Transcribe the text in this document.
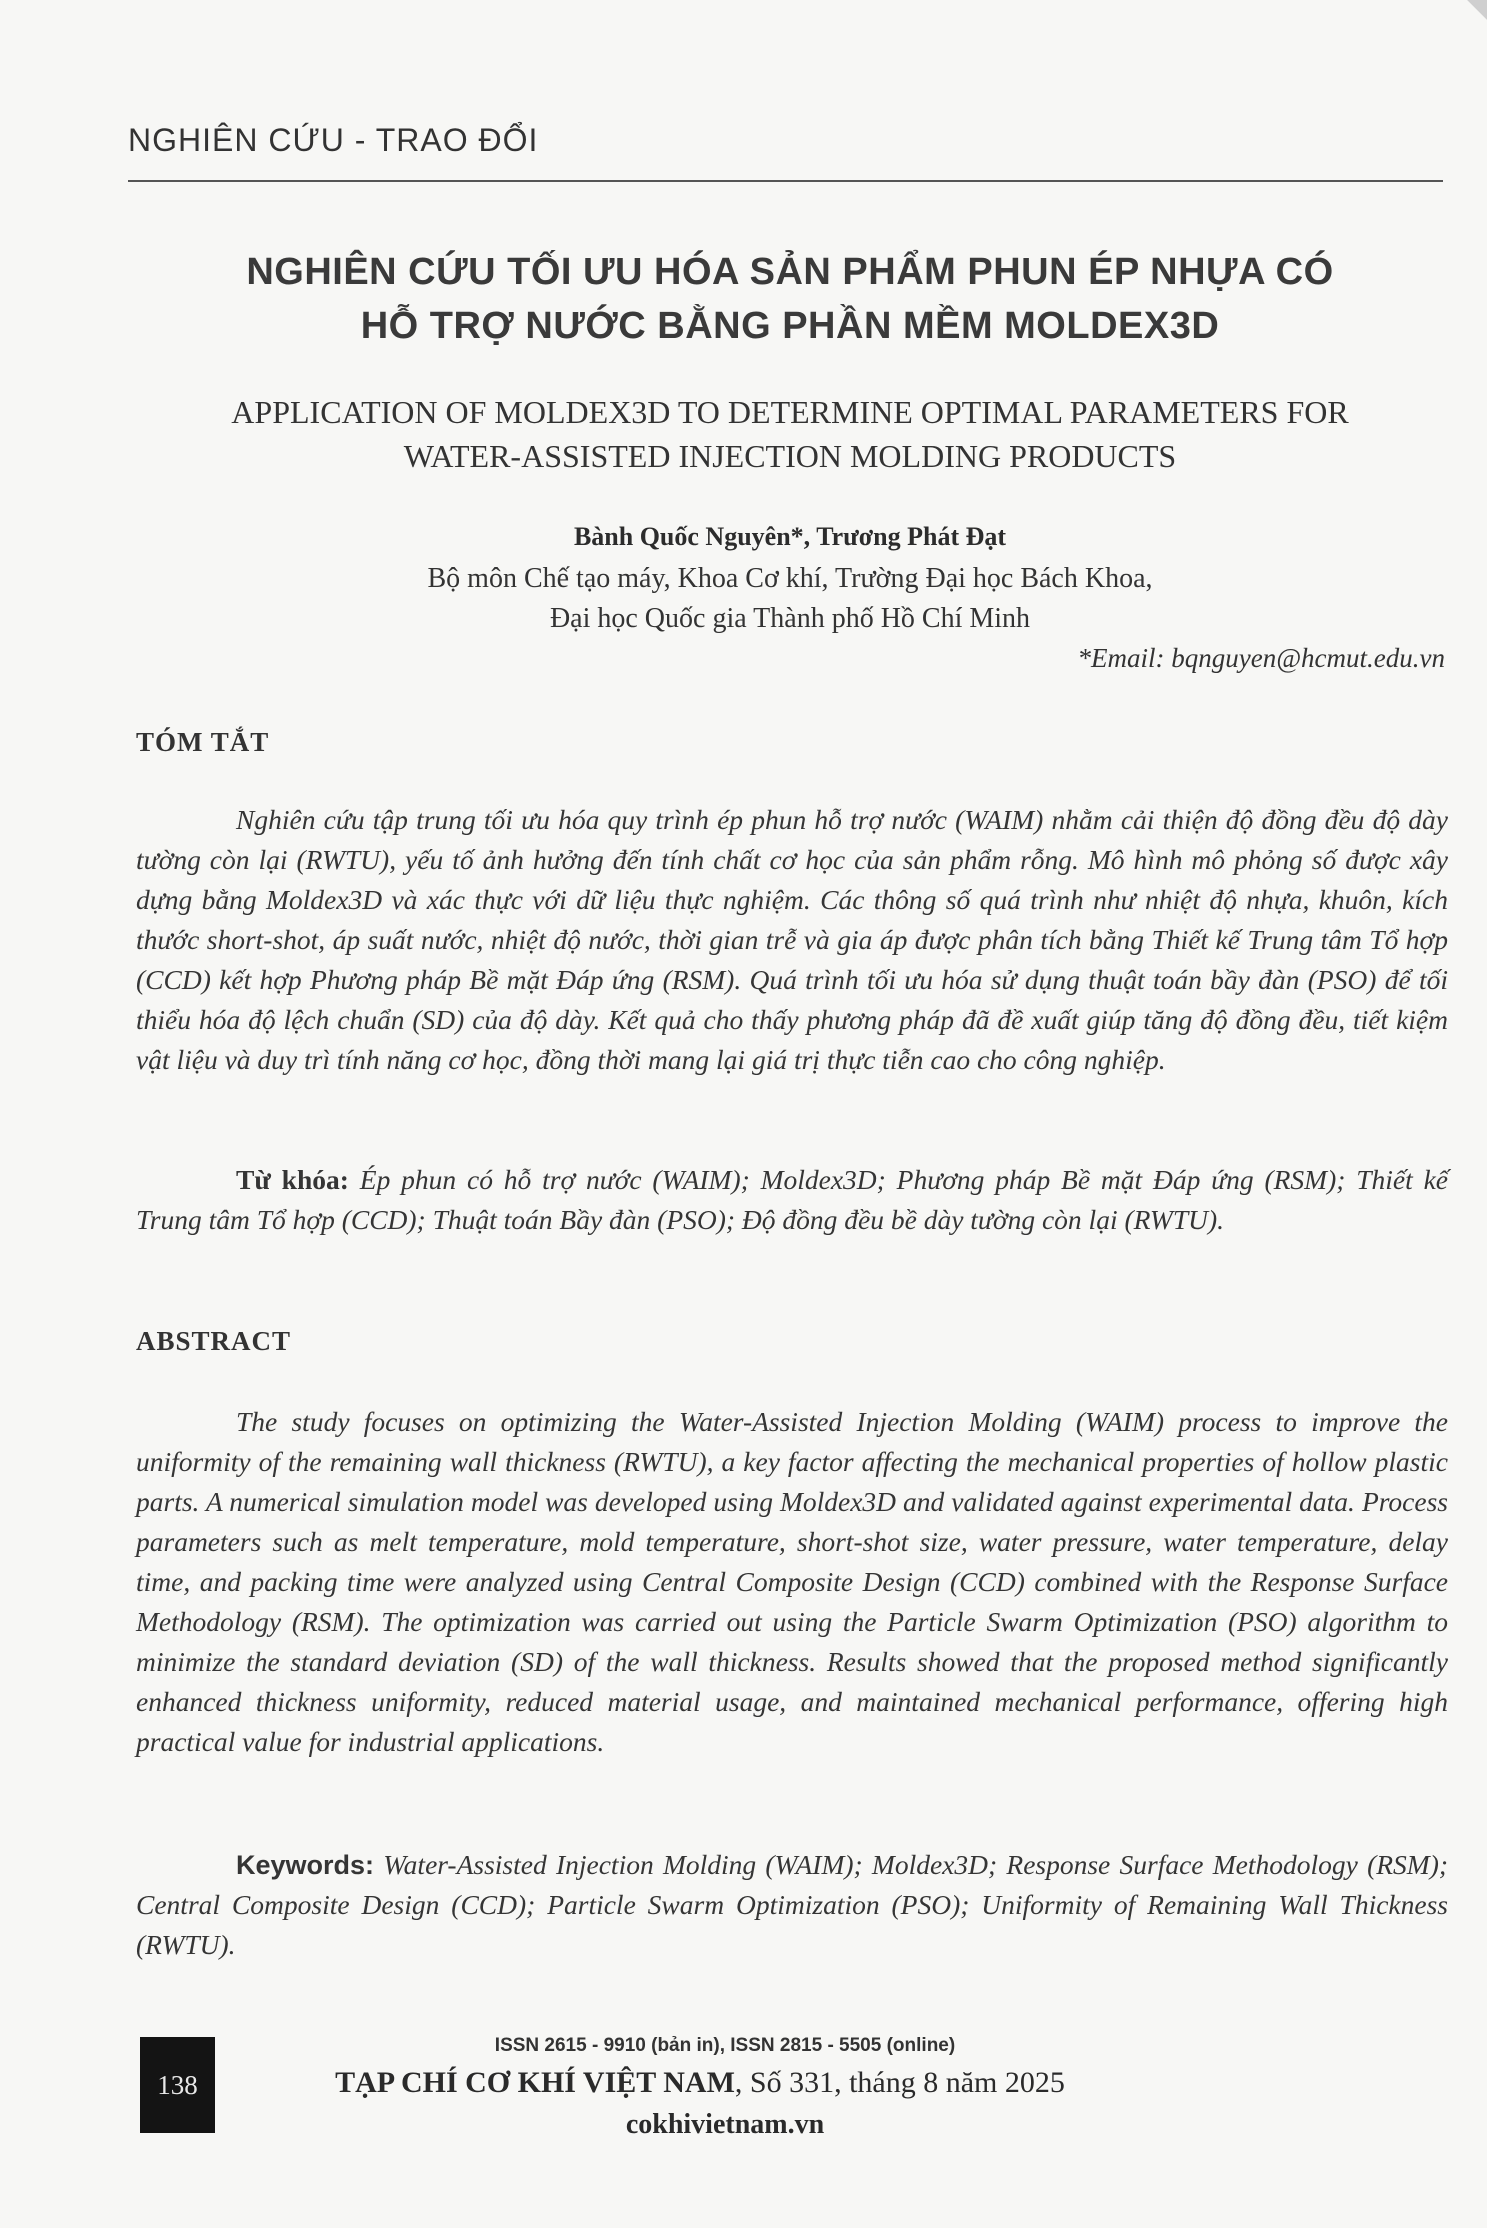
NGHIÊN CỨU - TRAO ĐỔI
NGHIÊN CỨU TỐI ƯU HÓA SẢN PHẨM PHUN ÉP NHỰA CÓ
HỖ TRỢ NƯỚC BẰNG PHẦN MỀM MOLDEX3D
APPLICATION OF MOLDEX3D TO DETERMINE OPTIMAL PARAMETERS FOR
WATER-ASSISTED INJECTION MOLDING PRODUCTS
Bành Quốc Nguyên*, Trương Phát Đạt
Bộ môn Chế tạo máy, Khoa Cơ khí, Trường Đại học Bách Khoa,
Đại học Quốc gia Thành phố Hồ Chí Minh
*Email: bqnguyen@hcmut.edu.vn
TÓM TẮT
Nghiên cứu tập trung tối ưu hóa quy trình ép phun hỗ trợ nước (WAIM) nhằm cải thiện độ đồng đều độ dày tường còn lại (RWTU), yếu tố ảnh hưởng đến tính chất cơ học của sản phẩm rỗng. Mô hình mô phỏng số được xây dựng bằng Moldex3D và xác thực với dữ liệu thực nghiệm. Các thông số quá trình như nhiệt độ nhựa, khuôn, kích thước short-shot, áp suất nước, nhiệt độ nước, thời gian trễ và gia áp được phân tích bằng Thiết kế Trung tâm Tổ hợp (CCD) kết hợp Phương pháp Bề mặt Đáp ứng (RSM). Quá trình tối ưu hóa sử dụng thuật toán bầy đàn (PSO) để tối thiểu hóa độ lệch chuẩn (SD) của độ dày. Kết quả cho thấy phương pháp đã đề xuất giúp tăng độ đồng đều, tiết kiệm vật liệu và duy trì tính năng cơ học, đồng thời mang lại giá trị thực tiễn cao cho công nghiệp.
Từ khóa: Ép phun có hỗ trợ nước (WAIM); Moldex3D; Phương pháp Bề mặt Đáp ứng (RSM); Thiết kế Trung tâm Tổ hợp (CCD); Thuật toán Bầy đàn (PSO); Độ đồng đều bề dày tường còn lại (RWTU).
ABSTRACT
The study focuses on optimizing the Water-Assisted Injection Molding (WAIM) process to improve the uniformity of the remaining wall thickness (RWTU), a key factor affecting the mechanical properties of hollow plastic parts. A numerical simulation model was developed using Moldex3D and validated against experimental data. Process parameters such as melt temperature, mold temperature, short-shot size, water pressure, water temperature, delay time, and packing time were analyzed using Central Composite Design (CCD) combined with the Response Surface Methodology (RSM). The optimization was carried out using the Particle Swarm Optimization (PSO) algorithm to minimize the standard deviation (SD) of the wall thickness. Results showed that the proposed method significantly enhanced thickness uniformity, reduced material usage, and maintained mechanical performance, offering high practical value for industrial applications.
Keywords: Water-Assisted Injection Molding (WAIM); Moldex3D; Response Surface Methodology (RSM); Central Composite Design (CCD); Particle Swarm Optimization (PSO); Uniformity of Remaining Wall Thickness (RWTU).
138
ISSN 2615 - 9910 (bản in), ISSN 2815 - 5505 (online)
TẠP CHÍ CƠ KHÍ VIỆT NAM, Số 331, tháng 8 năm 2025
cokhivietnam.vn
